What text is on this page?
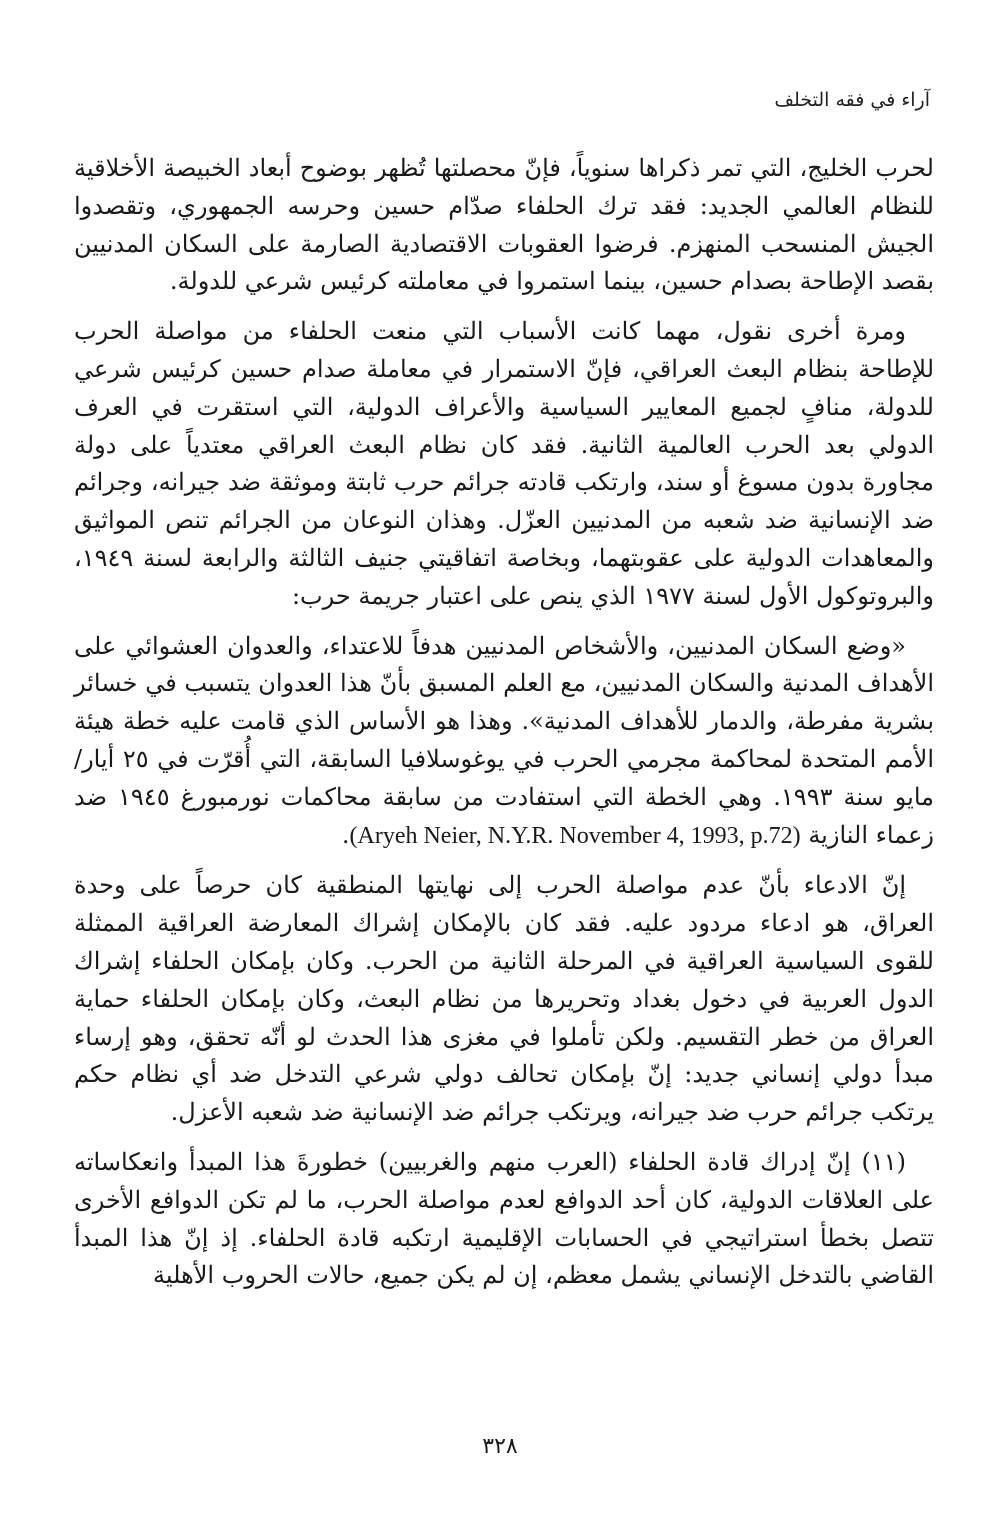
آراء في فقه التخلف

لحرب الخليج، التي تمر ذكراها سنوياً، فإنّ محصلتها تُظهر بوضوح أبعاد الخبيصة الأخلاقية للنظام العالمي الجديد: فقد ترك الحلفاء صدّام حسين وحرسه الجمهوري، وتقصدوا الجيش المنسحب المنهزم. فرضوا العقوبات الاقتصادية الصارمة على السكان المدنيين بقصد الإطاحة بصدام حسين، بينما استمروا في معاملته كرئيس شرعي للدولة.

ومرة أخرى نقول، مهما كانت الأسباب التي منعت الحلفاء من مواصلة الحرب للإطاحة بنظام البعث العراقي، فإنّ الاستمرار في معاملة صدام حسين كرئيس شرعي للدولة، منافٍ لجميع المعايير السياسية والأعراف الدولية، التي استقرت في العرف الدولي بعد الحرب العالمية الثانية. فقد كان نظام البعث العراقي معتدياً على دولة مجاورة بدون مسوغ أو سند، وارتكب قادته جرائم حرب ثابتة وموثقة ضد جيرانه، وجرائم ضد الإنسانية ضد شعبه من المدنيين العزّل. وهذان النوعان من الجرائم تنص المواثيق والمعاهدات الدولية على عقوبتهما، وبخاصة اتفاقيتي جنيف الثالثة والرابعة لسنة ١٩٤٩، والبروتوكول الأول لسنة ١٩٧٧ الذي ينص على اعتبار جريمة حرب:

«وضع السكان المدنيين، والأشخاص المدنيين هدفاً للاعتداء، والعدوان العشوائي على الأهداف المدنية والسكان المدنيين، مع العلم المسبق بأنّ هذا العدوان يتسبب في خسائر بشرية مفرطة، والدمار للأهداف المدنية». وهذا هو الأساس الذي قامت عليه خطة هيئة الأمم المتحدة لمحاكمة مجرمي الحرب في يوغوسلافيا السابقة، التي أُقرّت في ٢٥ أيار/مايو سنة ١٩٩٣. وهي الخطة التي استفادت من سابقة محاكمات نورمبورغ ١٩٤٥ ضد زعماء النازية (Aryeh Neier, N.Y.R. November 4, 1993, p.72).

إنّ الادعاء بأنّ عدم مواصلة الحرب إلى نهايتها المنطقية كان حرصاً على وحدة العراق، هو ادعاء مردود عليه. فقد كان بالإمكان إشراك المعارضة العراقية الممثلة للقوى السياسية العراقية في المرحلة الثانية من الحرب. وكان بإمكان الحلفاء إشراك الدول العربية في دخول بغداد وتحريرها من نظام البعث، وكان بإمكان الحلفاء حماية العراق من خطر التقسيم. ولكن تأملوا في مغزى هذا الحدث لو أنّه تحقق، وهو إرساء مبدأ دولي إنساني جديد: إنّ بإمكان تحالف دولي شرعي التدخل ضد أي نظام حكم يرتكب جرائم حرب ضد جيرانه، ويرتكب جرائم ضد الإنسانية ضد شعبه الأعزل.

(١١) إنّ إدراك قادة الحلفاء (العرب منهم والغربيين) خطورةَ هذا المبدأ وانعكاساته على العلاقات الدولية، كان أحد الدوافع لعدم مواصلة الحرب، ما لم تكن الدوافع الأخرى تتصل بخطأ استراتيجي في الحسابات الإقليمية ارتكبه قادة الحلفاء. إذ إنّ هذا المبدأ القاضي بالتدخل الإنساني يشمل معظم، إن لم يكن جميع، حالات الحروب الأهلية

٣٢٨
